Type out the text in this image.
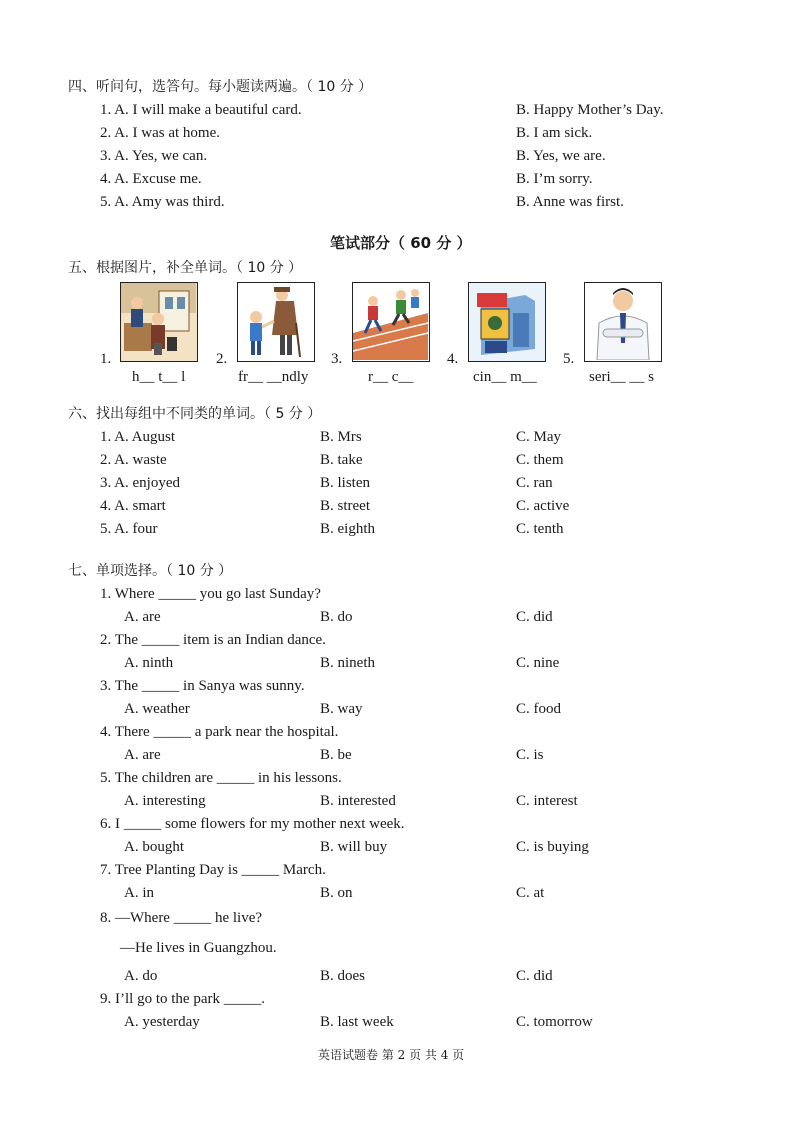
四、听问句，选答句。每小题读两遍。（ 10 分 ）
1. A. I will make a beautiful card.	B. Happy Mother’s Day.
2. A. I was at home.	B. I am sick.
3. A. Yes, we can.	B. Yes, we are.
4. A. Excuse me.	B. I’m sorry.
5. A. Amy was third.	B. Anne was first.
笔试部分（ 60 分 ）
五、根据图片，补全单词。（ 10 分 ）
1.	2.	3.	4.	5.
h__ t__ l	fr__ __ndly	r__ c__	cin__ m__	seri__ __ s
六、找出每组中不同类的单词。（ 5 分 ）
1. A. August	B. Mrs	C. May
2. A. waste	B. take	C. them
3. A. enjoyed	B. listen	C. ran
4. A. smart	B. street	C. active
5. A. four	B. eighth	C. tenth
七、单项选择。（ 10 分 ）
1. Where _____ you go last Sunday?
A. are	B. do	C. did
2. The _____ item is an Indian dance.
A. ninth	B. nineth	C. nine
3. The _____ in Sanya was sunny.
A. weather	B. way	C. food
4. There _____ a park near the hospital.
A. are	B. be	C. is
5. The children are _____ in his lessons.
A. interesting	B. interested	C. interest
6. I _____ some flowers for my mother next week.
A. bought	B. will buy	C. is buying
7. Tree Planting Day is _____ March.
A. in	B. on	C. at
8. —Where _____ he live?
—He lives in Guangzhou.
A. do	B. does	C. did
9. I’ll go to the park _____.
A. yesterday	B. last week	C. tomorrow
英语试题卷 第 2 页 共 4 页
